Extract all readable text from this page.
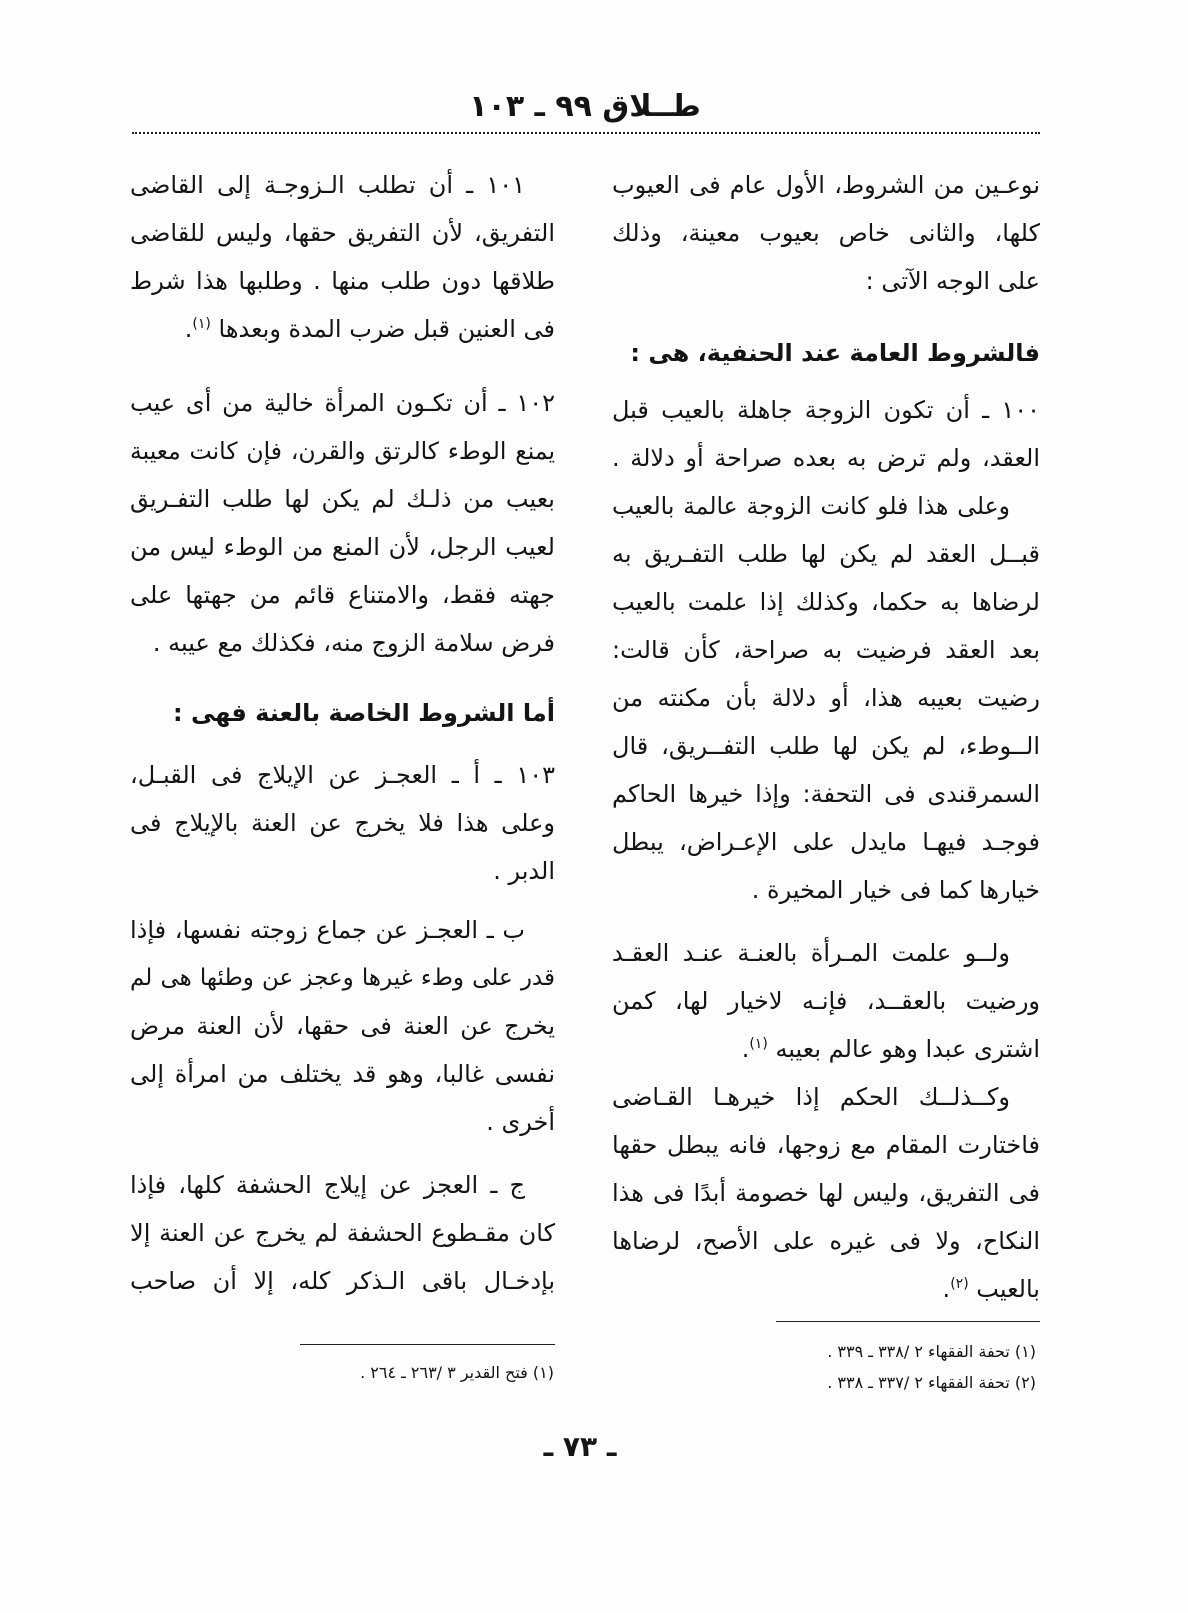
طــلاق ٩٩ ـ ١٠٣
نوعـين من الشروط، الأول عام فى العيوب
كلها، والثانى خاص بعيوب معينة، وذلك
على الوجه الآتى :
فالشروط العامة عند الحنفية، هى :
١٠٠ ـ أن تكون الزوجة جاهلة بالعيب قبل
العقد، ولم ترض به بعده صراحة أو دلالة .
وعلى هذا فلو كانت الزوجة عالمة بالعيب
قبــل العقد لم يكن لها طلب التفـريق به
لرضاها به حكما، وكذلك إذا علمت بالعيب
بعد العقد فرضيت به صراحة، كأن قالت:
رضيت بعيبه هذا، أو دلالة بأن مكنته من
الــوطء، لم يكن لها طلب التفــريق، قال
السمرقندى فى التحفة: وإذا خيرها الحاكم
فوجـد فيهـا مايدل على الإعـراض، يبطل
خيارها كما فى خيار المخيرة .
ولــو علمت المـرأة بالعنـة عنـد العقـد
ورضيت بالعقــد، فإنـه لاخيار لها، كمن
اشترى عبدا وهو عالم بعيبه $^{(١)}$.
وكــذلــك الحكم إذا خيرهـا القـاضى
فاختارت المقام مع زوجها، فانه يبطل حقها
فى التفريق، وليس لها خصومة أبدًا فى هذا
النكاح، ولا فى غيره على الأصح، لرضاها
بالعيب $^{(٢)}$.
١٠١ ـ أن تطلب الـزوجـة إلى القاضى
التفريق، لأن التفريق حقها، وليس للقاضى
طلاقها دون طلب منها . وطلبها هذا شرط
فى العنين قبل ضرب المدة وبعدها $^{(١)}$.
١٠٢ ـ أن تكـون المرأة خالية من أى عيب
يمنع الوطء كالرتق والقرن، فإن كانت معيبة
بعيب من ذلـك لم يكن لها طلب التفـريق
لعيب الرجل، لأن المنع من الوطء ليس من
جهته فقط، والامتناع قائم من جهتها على
فرض سلامة الزوج منه، فكذلك مع عيبه .
أما الشروط الخاصة بالعنة فهى :
١٠٣ ـ أ ـ العجـز عن الإيلاج فى القبـل،
وعلى هذا فلا يخرج عن العنة بالإيلاج فى
الدبر .
ب ـ العجـز عن جماع زوجته نفسها، فإذا
قدر على وطء غيرها وعجز عن وطئها هى لم
يخرج عن العنة فى حقها، لأن العنة مرض
نفسى غالبا، وهو قد يختلف من امرأة إلى
أخرى .
ج ـ العجز عن إيلاج الحشفة كلها، فإذا
كان مقـطوع الحشفة لم يخرج عن العنة إلا
بإدخـال باقى الـذكر كله، إلا أن صاحب
(١) تحفة الفقهاء ٢ /٣٣٨ ـ ٣٣٩ .
(٢) تحفة الفقهاء ٢ /٣٣٧ ـ ٣٣٨ .
(١) فتح القدير ٣ /٢٦٣ ـ ٢٦٤ .
ـ ٧٣ ـ
